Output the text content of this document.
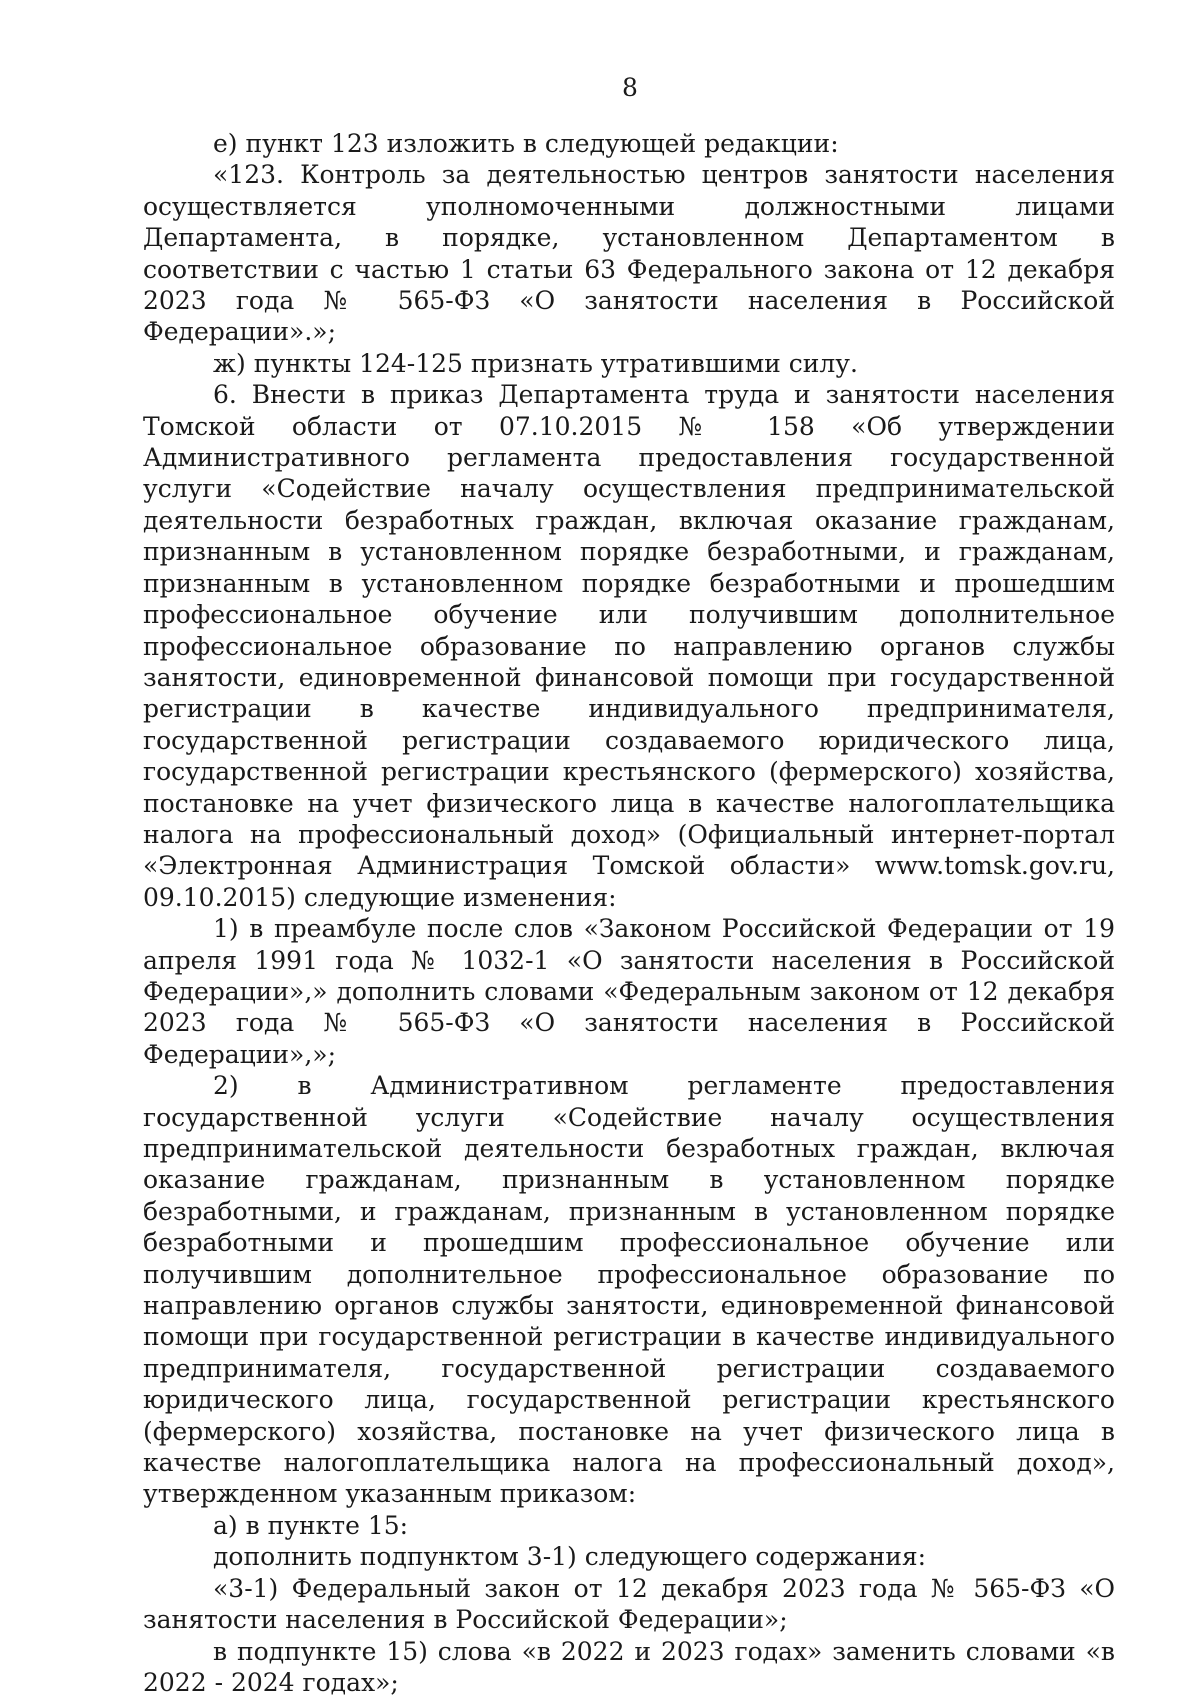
8

е) пункт 123 изложить в следующей редакции:

«123. Контроль за деятельностью центров занятости населения осуществляется уполномоченными должностными лицами Департамента, в порядке, установленном Департаментом в соответствии с частью 1 статьи 63 Федерального закона от 12 декабря 2023 года № 565-ФЗ «О занятости населения в Российской Федерации».»;

ж) пункты 124-125 признать утратившими силу.

6. Внести в приказ Департамента труда и занятости населения Томской области от 07.10.2015 № 158 «Об утверждении Административного регламента предоставления государственной услуги «Содействие началу осуществления предпринимательской деятельности безработных граждан, включая оказание гражданам, признанным в установленном порядке безработными, и гражданам, признанным в установленном порядке безработными и прошедшим профессиональное обучение или получившим дополнительное профессиональное образование по направлению органов службы занятости, единовременной финансовой помощи при государственной регистрации в качестве индивидуального предпринимателя, государственной регистрации создаваемого юридического лица, государственной регистрации крестьянского (фермерского) хозяйства, постановке на учет физического лица в качестве налогоплательщика налога на профессиональный доход» (Официальный интернет-портал «Электронная Администрация Томской области» www.tomsk.gov.ru, 09.10.2015) следующие изменения:

1) в преамбуле после слов «Законом Российской Федерации от 19 апреля 1991 года № 1032-1 «О занятости населения в Российской Федерации»,» дополнить словами «Федеральным законом от 12 декабря 2023 года № 565-ФЗ «О занятости населения в Российской Федерации»,»;

2) в Административном регламенте предоставления государственной услуги «Содействие началу осуществления предпринимательской деятельности безработных граждан, включая оказание гражданам, признанным в установленном порядке безработными, и гражданам, признанным в установленном порядке безработными и прошедшим профессиональное обучение или получившим дополнительное профессиональное образование по направлению органов службы занятости, единовременной финансовой помощи при государственной регистрации в качестве индивидуального предпринимателя, государственной регистрации создаваемого юридического лица, государственной регистрации крестьянского (фермерского) хозяйства, постановке на учет физического лица в качестве налогоплательщика налога на профессиональный доход», утвержденном указанным приказом:

а) в пункте 15:

дополнить подпунктом 3-1) следующего содержания:

«3-1) Федеральный закон от 12 декабря 2023 года № 565-ФЗ «О занятости населения в Российской Федерации»;

в подпункте 15) слова «в 2022 и 2023 годах» заменить словами «в 2022 - 2024 годах»;
